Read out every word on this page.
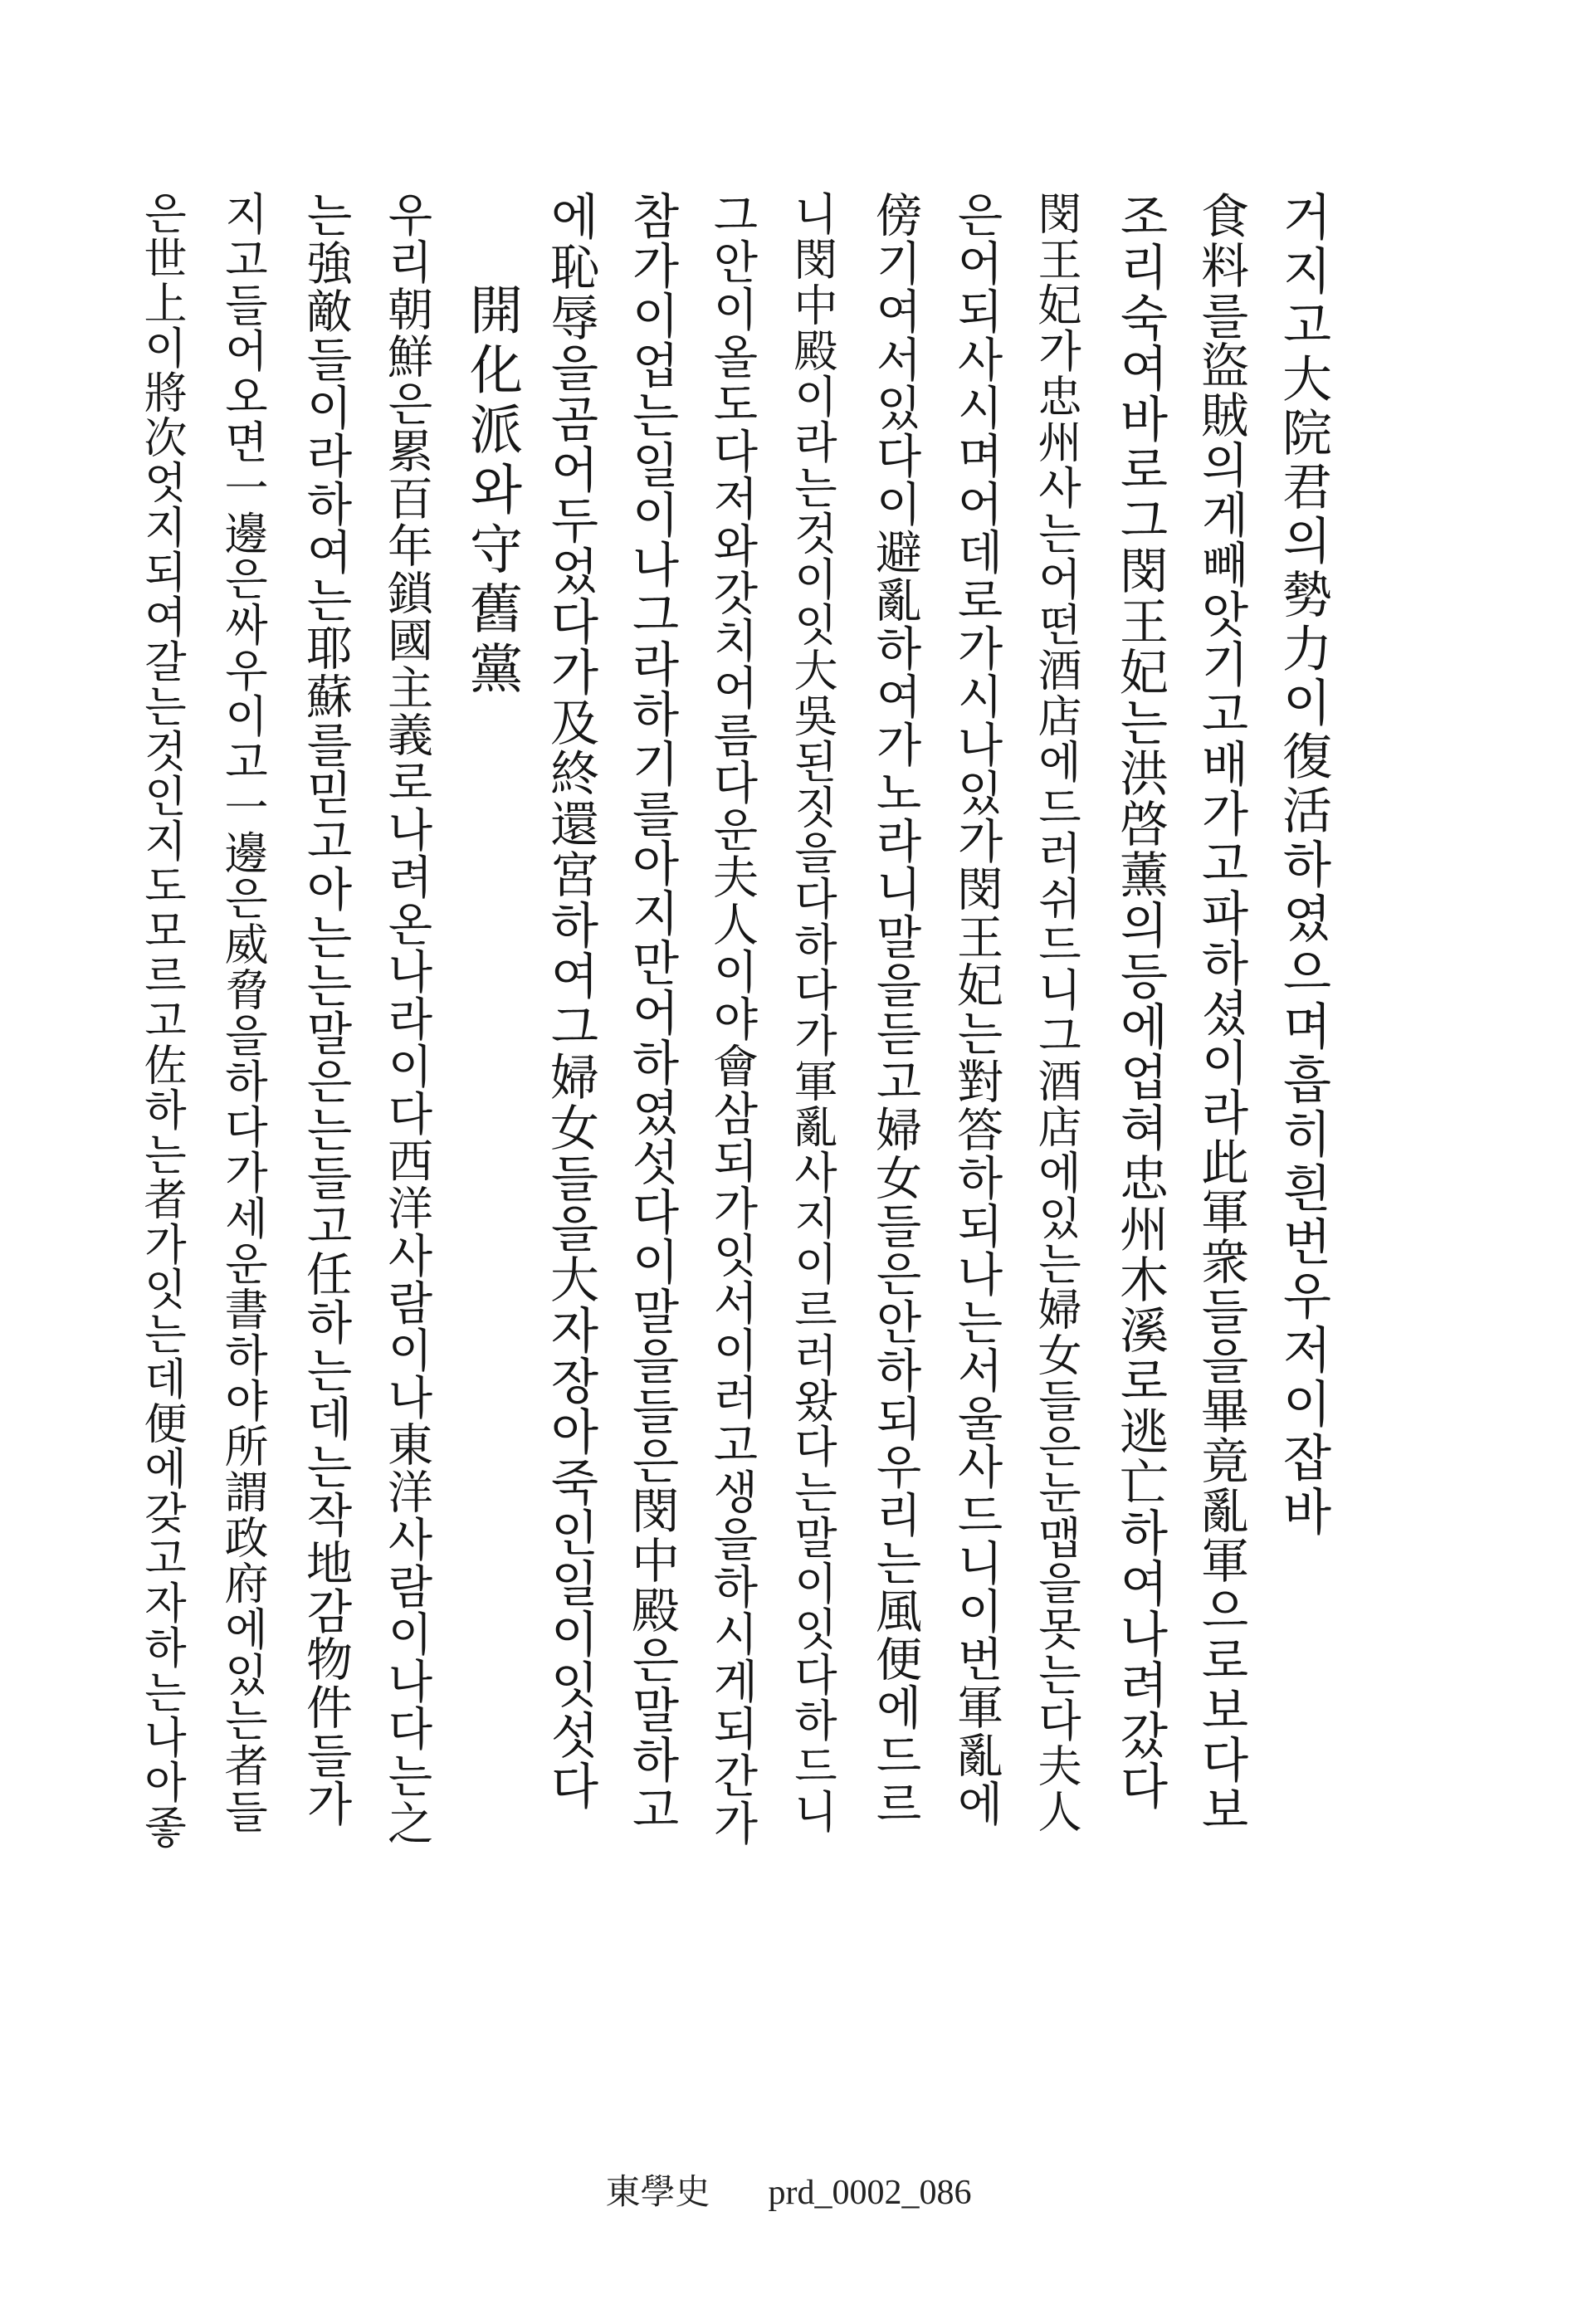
거지고大院君의勢力이復活하였으며흡히흰번우저이잡바
食料를盜賊의게빼앗기고배가고파하셨이라此軍衆들을畢竟亂軍으로보다보
조리숙여바로그閔王妃는洪啓薰의등에업혀忠州木溪로逃亡하여나려갔다
閔王妃가忠州사는어떤酒店에드러쉬드니그酒店에있는婦女들은눈맵을못는다夫人
은어되사시며어데로가시나있가閔王妃는對答하되나는서울사드니이번軍亂에
傍기여서있다이避亂하여가노라니말을듣고婦女들은안하되우리는風便에드르
니閔中殿이라는것이잇大吳된짓을다하다가軍亂사지이르러왔다는말이잇다하드니
그안이올도다저와갓치어름다운夫人이야會삼되가잇서이러고생을하시게되간가
참가이업는일이나그라하기를아지만어하였섯다이말을들은閔中殿은말하고
에恥辱을곰어두었다가及終還宮하여그婦女들을大자장아죽인일이잇섯다
開化派와守舊黨
우리朝鮮은累百年鎖國主義로나려온나라이다西洋사람이나東洋사람이나다는之
는強敵들이라하여는耶蘇를믿고아는는말은는들고任하는데는작地감物件들가
지고들어오면一邊은싸우이고一邊은威脅을하다가세운書하야所謂政府에있는者들
은世上이將次엇지되여갈는것인지도모르고佐하는者가잇는데便에갖고자하는나아좋
東學史 prd_0002_086
